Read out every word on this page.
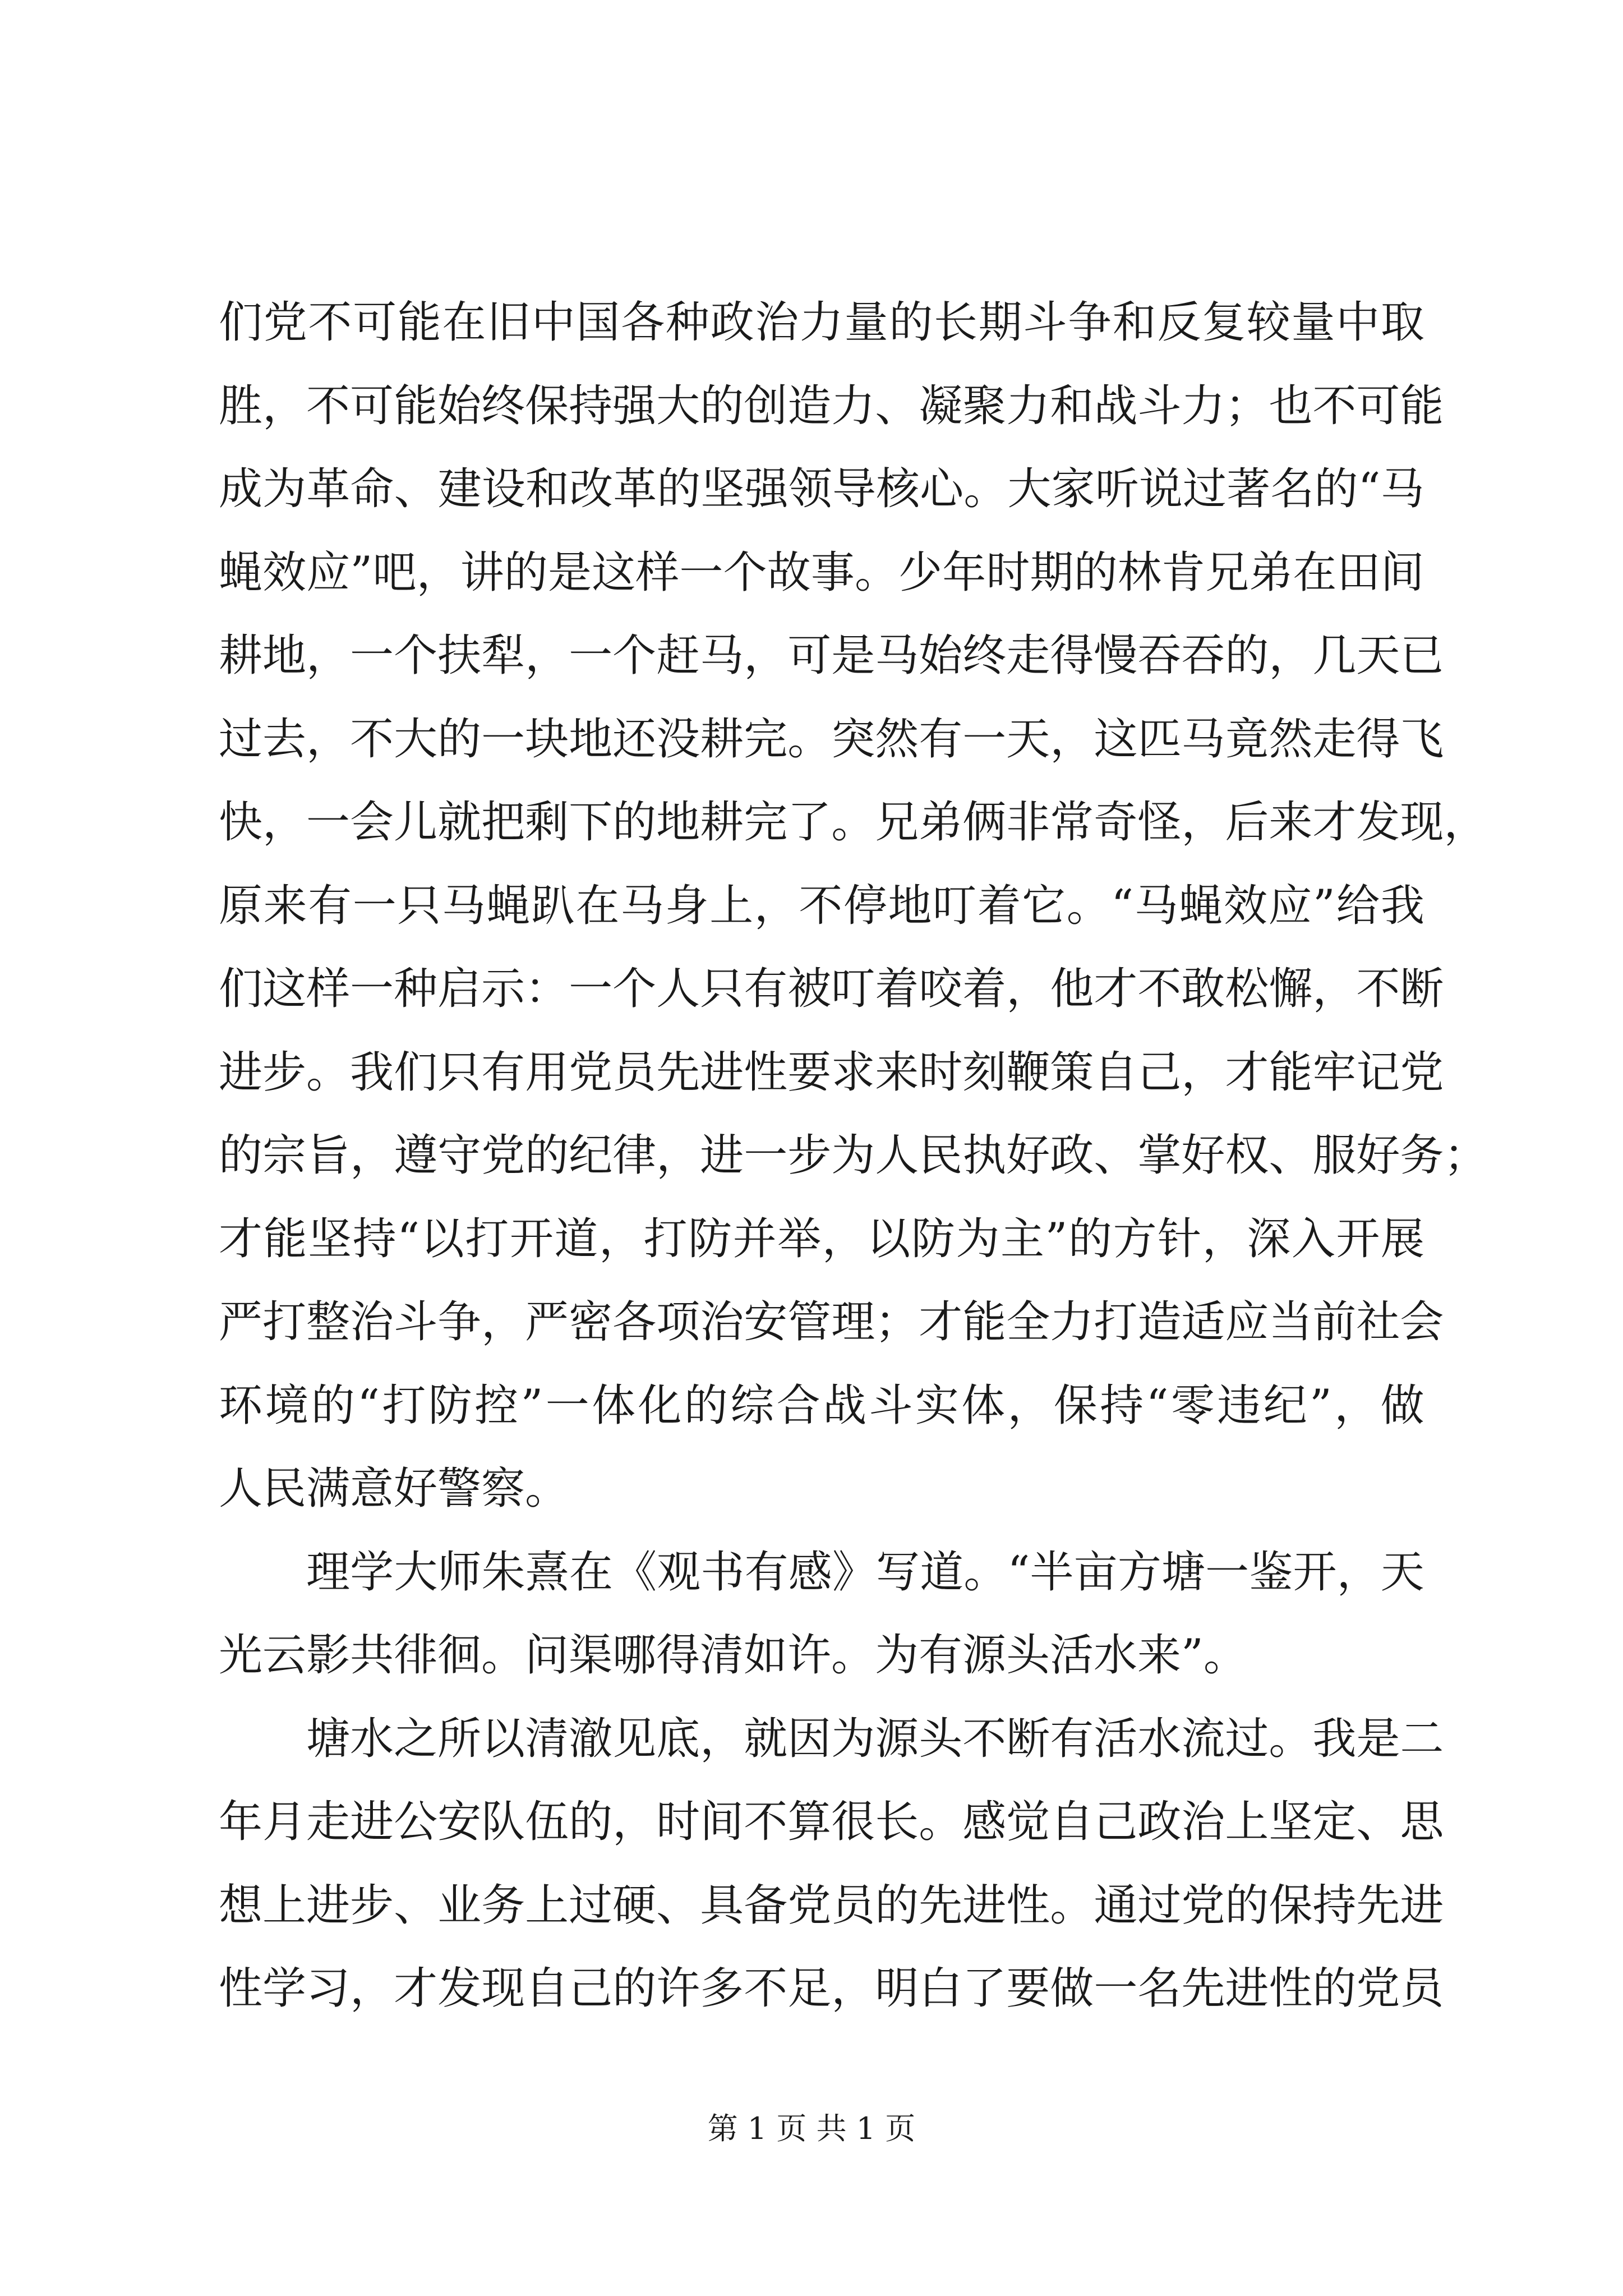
们 党 不 可 能 在 旧 中 国 各 种 政 治 力 量 的 长 期 斗 争 和 反 复 较 量 中 取
胜 ， 不 可 能 始 终 保 持 强 大 的 创 造 力 、 凝 聚 力 和 战 斗 力 ； 也 不 可 能
成 为 革 命 、 建 设 和 改 革 的 坚 强 领 导 核 心 。 大 家 听 说 过 著 名 的 “ 马
蝇 效 应 ” 吧 ， 讲 的 是 这 样 一 个 故 事 。 少 年 时 期 的 林 肯 兄 弟 在 田 间
耕 地 ， 一 个 扶 犁 ， 一 个 赶 马 ， 可 是 马 始 终 走 得 慢 吞 吞 的 ， 几 天 已
过 去 ， 不 大 的 一 块 地 还 没 耕 完 。 突 然 有 一 天 ， 这 匹 马 竟 然 走 得 飞
快 ， 一 会 儿 就 把 剩 下 的 地 耕 完 了 。 兄 弟 俩 非 常 奇 怪 ， 后 来 才 发 现 ，
原 来 有 一 只 马 蝇 趴 在 马 身 上 ， 不 停 地 叮 着 它 。 “ 马 蝇 效 应 ” 给 我
们 这 样 一 种 启 示 ： 一 个 人 只 有 被 叮 着 咬 着 ， 他 才 不 敢 松 懈 ， 不 断
进 步 。 我 们 只 有 用 党 员 先 进 性 要 求 来 时 刻 鞭 策 自 己 ， 才 能 牢 记 党
的 宗 旨 ， 遵 守 党 的 纪 律 ， 进 一 步 为 人 民 执 好 政 、 掌 好 权 、 服 好 务 ；
才 能 坚 持 “ 以 打 开 道 ， 打 防 并 举 ， 以 防 为 主 ” 的 方 针 ， 深 入 开 展
严 打 整 治 斗 争 ， 严 密 各 项 治 安 管 理 ； 才 能 全 力 打 造 适 应 当 前 社 会
环 境 的 “ 打 防 控 ” 一 体 化 的 综 合 战 斗 实 体 ， 保 持 “ 零 违 纪 ” ， 做
人民满意好警察。
理 学 大 师 朱 熹 在 《 观 书 有 感 》 写 道 。 “ 半 亩 方 塘 一 鉴 开 ， 天
光云影共徘徊。问渠哪得清如许。为有源头活水来”。
塘 水 之 所 以 清 澈 见 底 ， 就 因 为 源 头 不 断 有 活 水 流 过 。 我 是 二
年 月 走 进 公 安 队 伍 的 ， 时 间 不 算 很 长 。 感 觉 自 己 政 治 上 坚 定 、 思
想 上 进 步 、 业 务 上 过 硬 、 具 备 党 员 的 先 进 性 。 通 过 党 的 保 持 先 进
性 学 习 ， 才 发 现 自 己 的 许 多 不 足 ， 明 白 了 要 做 一 名 先 进 性 的 党 员
第 1 页 共 1 页
